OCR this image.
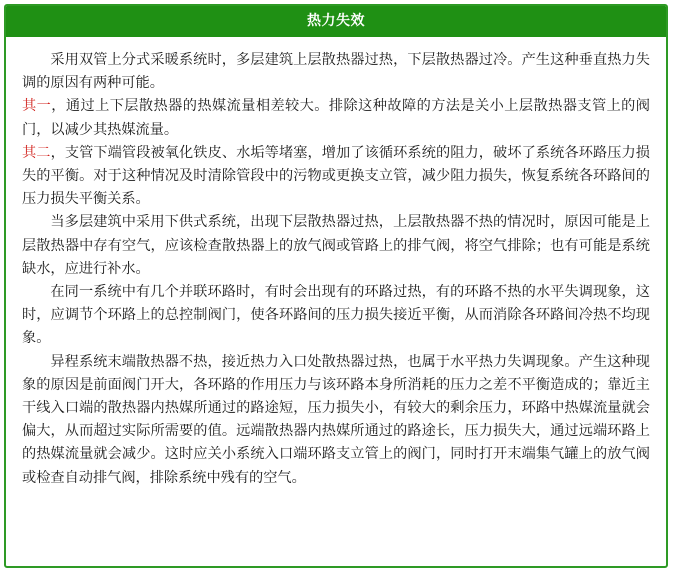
热力失效

采用双管上分式采暖系统时，多层建筑上层散热器过热，下层散热器过冷。产生这种垂直热力失调的原因有两种可能。

其一，通过上下层散热器的热媒流量相差较大。排除这种故障的方法是关小上层散热器支管上的阀门，以减少其热媒流量。

其二，支管下端管段被氧化铁皮、水垢等堵塞，增加了该循环系统的阻力，破坏了系统各环路压力损失的平衡。对于这种情况及时清除管段中的污物或更换支立管，减少阻力损失，恢复系统各环路间的压力损失平衡关系。

当多层建筑中采用下供式系统，出现下层散热器过热，上层散热器不热的情况时，原因可能是上层散热器中存有空气，应该检查散热器上的放气阀或管路上的排气阀，将空气排除；也有可能是系统缺水，应进行补水。

在同一系统中有几个并联环路时，有时会出现有的环路过热，有的环路不热的水平失调现象，这时，应调节个环路上的总控制阀门，使各环路间的压力损失接近平衡，从而消除各环路间冷热不均现象。

异程系统末端散热器不热，接近热力入口处散热器过热，也属于水平热力失调现象。产生这种现象的原因是前面阀门开大，各环路的作用压力与该环路本身所消耗的压力之差不平衡造成的；靠近主干线入口端的散热器内热媒所通过的路途短，压力损失小，有较大的剩余压力，环路中热媒流量就会偏大，从而超过实际所需要的值。远端散热器内热媒所通过的路途长，压力损失大，通过远端环路上的热媒流量就会减少。这时应关小系统入口端环路支立管上的阀门，同时打开末端集气罐上的放气阀或检查自动排气阀，排除系统中残有的空气。
